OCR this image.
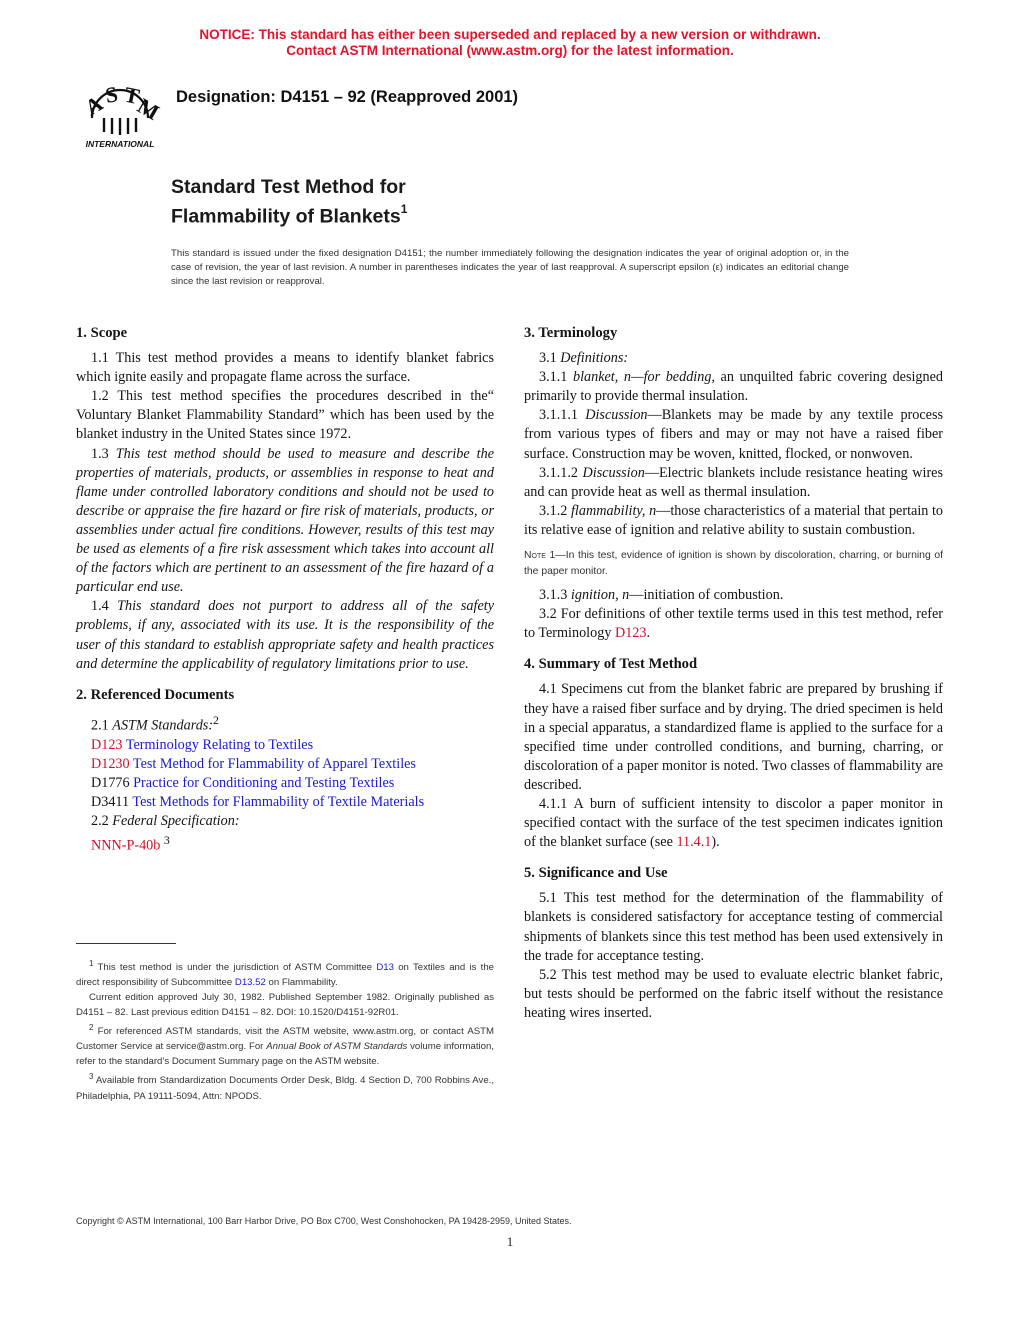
NOTICE: This standard has either been superseded and replaced by a new version or withdrawn.
Contact ASTM International (www.astm.org) for the latest information.
A
S T
M
INTERNATIONAL
Designation: D4151 – 92 (Reapproved 2001)
Standard Test Method for
Flammability of Blankets$^1$
This standard is issued under the fixed designation D4151; the number immediately following the designation indicates the year of original adoption or, in the case of revision, the year of last revision. A number in parentheses indicates the year of last reapproval. A superscript epsilon (ε) indicates an editorial change since the last revision or reapproval.
1. Scope

1.1 This test method provides a means to identify blanket fabrics which ignite easily and propagate flame across the surface.

1.2 This test method specifies the procedures described in the“ Voluntary Blanket Flammability Standard” which has been used by the blanket industry in the United States since 1972.

1.3 This test method should be used to measure and describe the properties of materials, products, or assemblies in response to heat and flame under controlled laboratory conditions and should not be used to describe or appraise the fire hazard or fire risk of materials, products, or assemblies under actual fire conditions. However, results of this test may be used as elements of a fire risk assessment which takes into account all of the factors which are pertinent to an assessment of the fire hazard of a particular end use.

1.4 This standard does not purport to address all of the safety problems, if any, associated with its use. It is the responsibility of the user of this standard to establish appropriate safety and health practices and determine the applicability of regulatory limitations prior to use.

2. Referenced Documents

2.1 ASTM Standards:$^2$

D123 Terminology Relating to Textiles

D1230 Test Method for Flammability of Apparel Textiles

D1776 Practice for Conditioning and Testing Textiles

D3411 Test Methods for Flammability of Textile Materials

2.2 Federal Specification:

NNN-P-40b $^3$

$^1$ This test method is under the jurisdiction of ASTM Committee D13 on Textiles and is the direct responsibility of Subcommittee D13.52 on Flammability.

Current edition approved July 30, 1982. Published September 1982. Originally published as D4151 – 82. Last previous edition D4151 – 82. DOI: 10.1520/D4151-92R01.

$^2$ For referenced ASTM standards, visit the ASTM website, www.astm.org, or contact ASTM Customer Service at service@astm.org. For Annual Book of ASTM Standards volume information, refer to the standard’s Document Summary page on the ASTM website.

$^3$ Available from Standardization Documents Order Desk, Bldg. 4 Section D, 700 Robbins Ave., Philadelphia, PA 19111-5094, Attn: NPODS.

3. Terminology

3.1 Definitions:

3.1.1 blanket, n—for bedding, an unquilted fabric covering designed primarily to provide thermal insulation.

3.1.1.1 Discussion—Blankets may be made by any textile process from various types of fibers and may or may not have a raised fiber surface. Construction may be woven, knitted, flocked, or nonwoven.

3.1.1.2 Discussion—Electric blankets include resistance heating wires and can provide heat as well as thermal insulation.

3.1.2 flammability, n—those characteristics of a material that pertain to its relative ease of ignition and relative ability to sustain combustion.

Note 1—In this test, evidence of ignition is shown by discoloration, charring, or burning of the paper monitor.

3.1.3 ignition, n—initiation of combustion.

3.2 For definitions of other textile terms used in this test method, refer to Terminology D123.

4. Summary of Test Method

4.1 Specimens cut from the blanket fabric are prepared by brushing if they have a raised fiber surface and by drying. The dried specimen is held in a special apparatus, a standardized flame is applied to the surface for a specified time under controlled conditions, and burning, charring, or discoloration of a paper monitor is noted. Two classes of flammability are described.

4.1.1 A burn of sufficient intensity to discolor a paper monitor in specified contact with the surface of the test specimen indicates ignition of the blanket surface (see 11.4.1).

5. Significance and Use

5.1 This test method for the determination of the flammability of blankets is considered satisfactory for acceptance testing of commercial shipments of blankets since this test method has been used extensively in the trade for acceptance testing.

5.2 This test method may be used to evaluate electric blanket fabric, but tests should be performed on the fabric itself without the resistance heating wires inserted.

Copyright © ASTM International, 100 Barr Harbor Drive, PO Box C700, West Conshohocken, PA 19428-2959, United States.
1
